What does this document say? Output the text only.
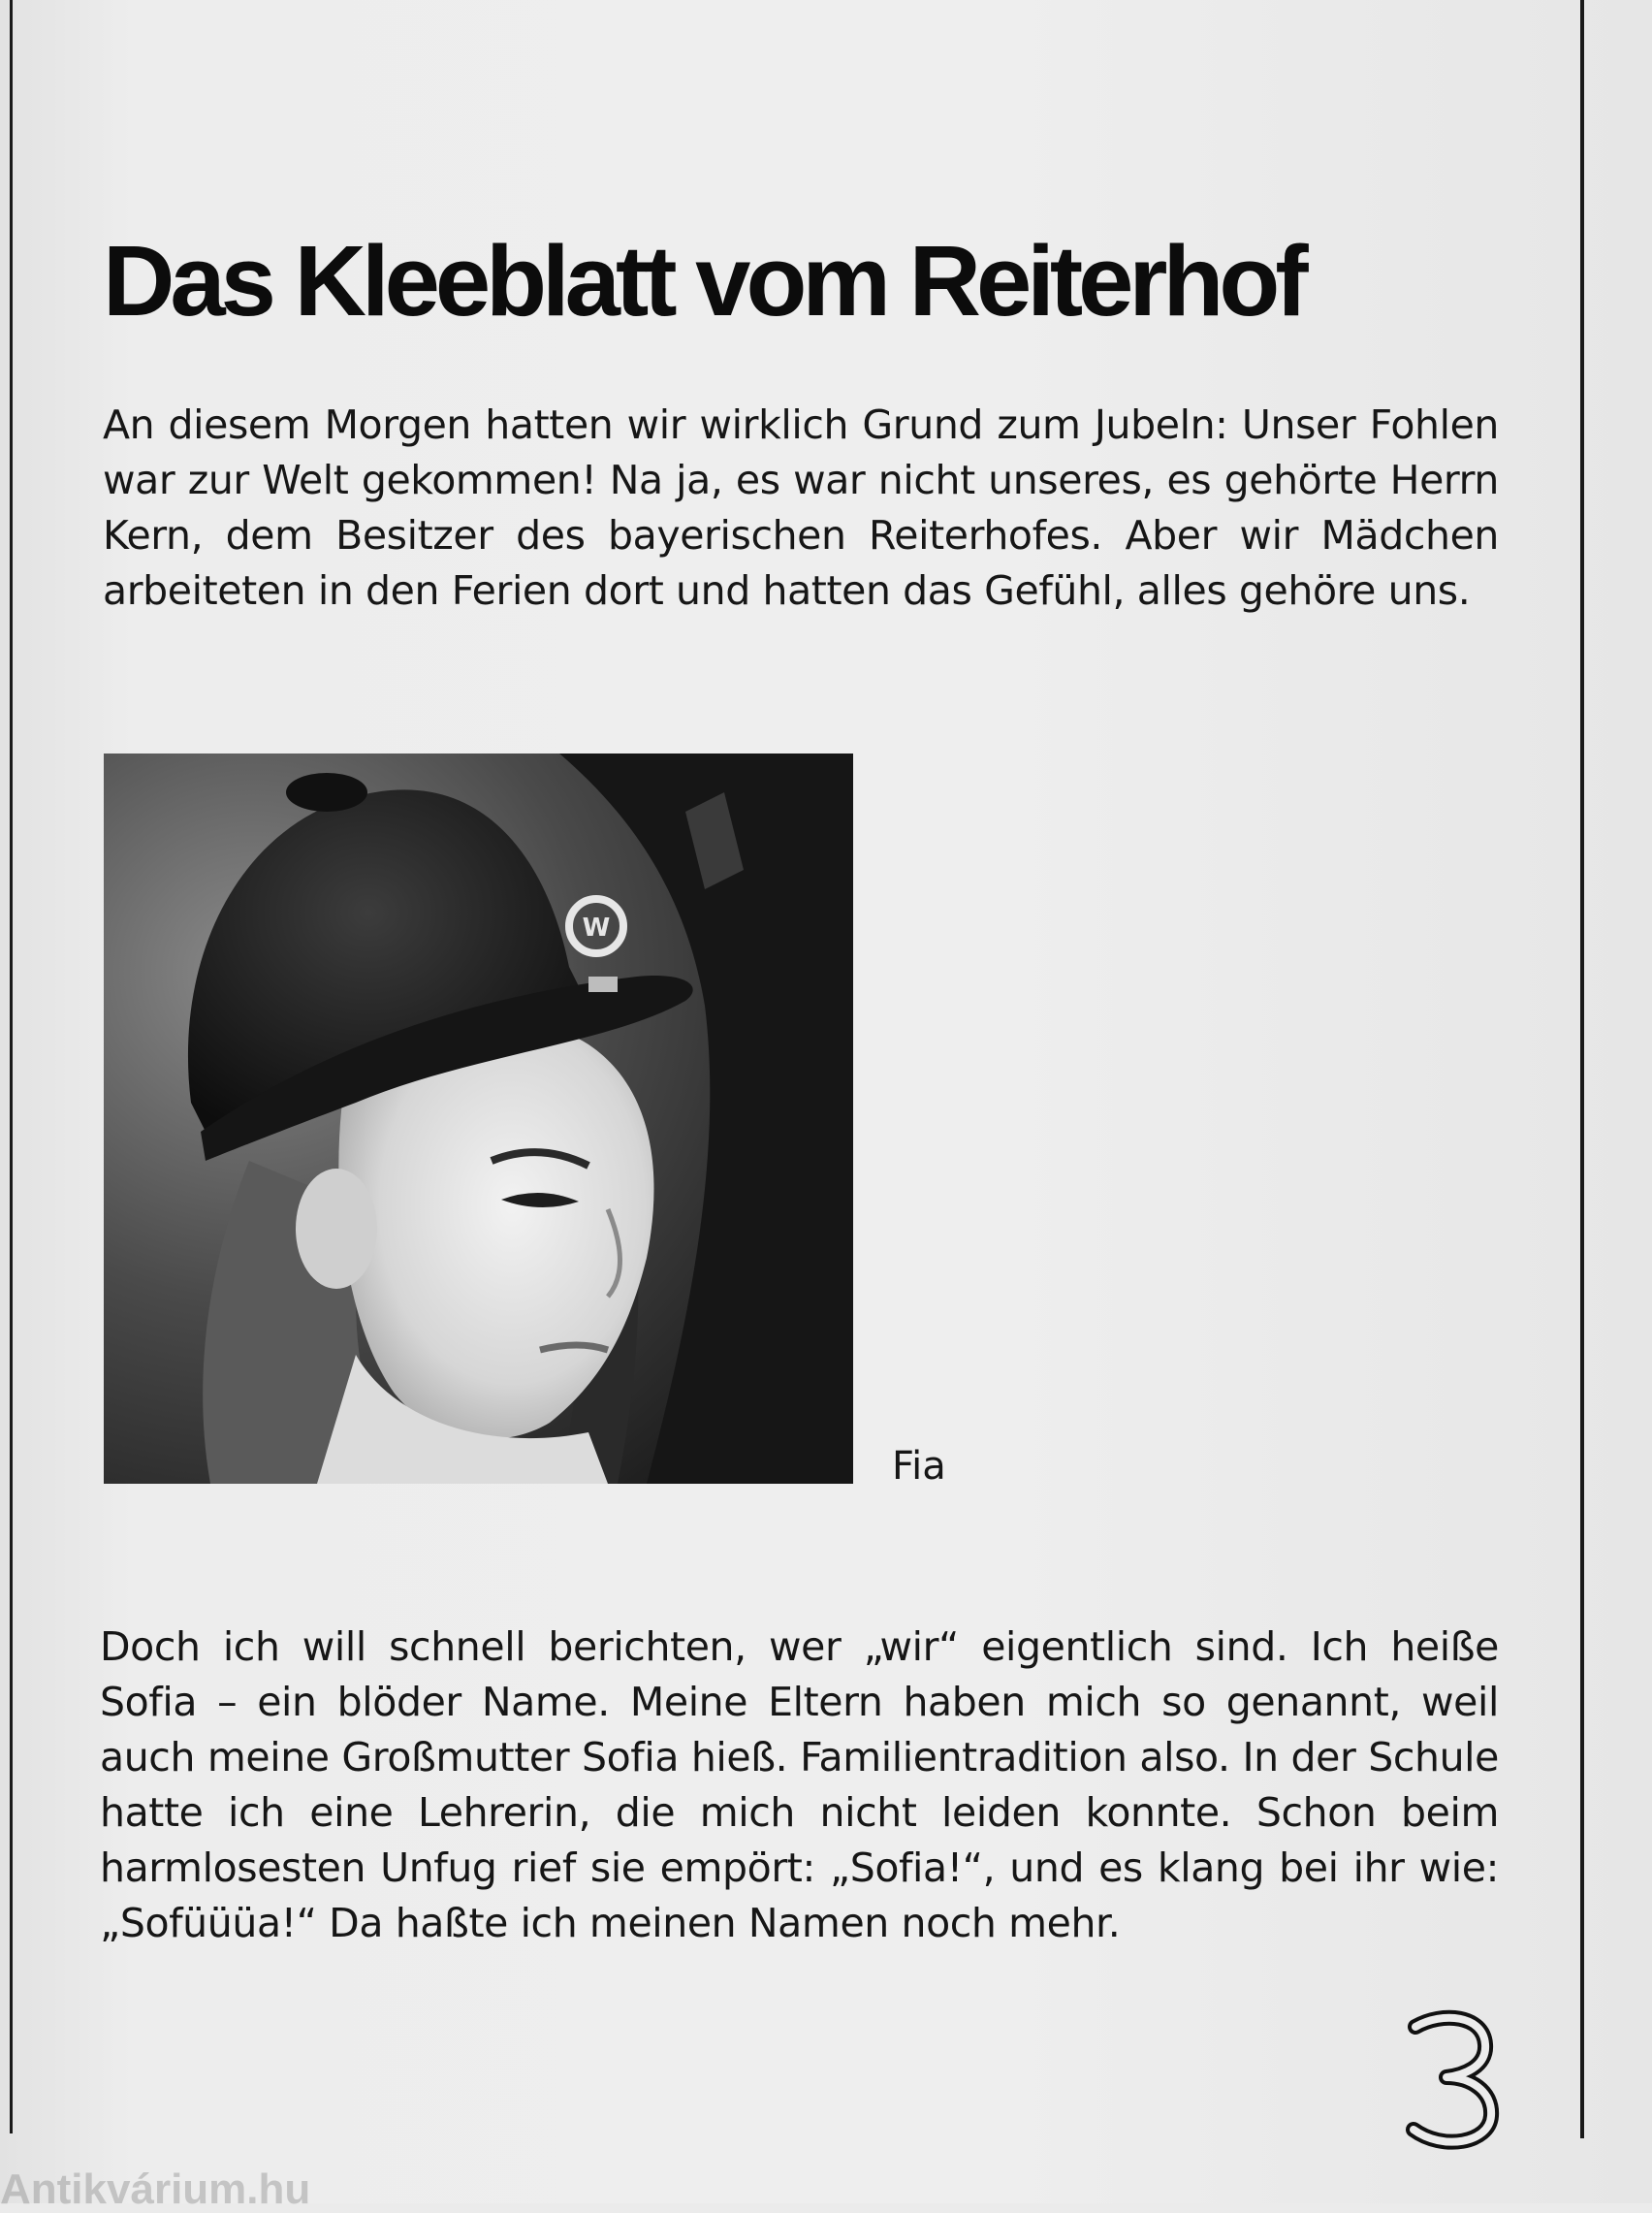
Das Kleeblatt vom Reiterhof

An diesem Morgen hatten wir wirklich Grund zum Jubeln: Unser Fohlen war zur Welt gekommen! Na ja, es war nicht unseres, es gehörte Herrn Kern, dem Besitzer des bayerischen Reiterhofes. Aber wir Mädchen arbeiteten in den Ferien dort und hatten das Gefühl, alles gehöre uns.

W
Fia

Doch ich will schnell berichten, wer „wir“ eigentlich sind. Ich heiße Sofia – ein blöder Name. Meine Eltern haben mich so genannt, weil auch meine Großmutter Sofia hieß. Familientradition also. In der Schule hatte ich eine Lehrerin, die mich nicht leiden konnte. Schon beim harmlosesten Unfug rief sie empört: „Sofia!“, und es klang bei ihr wie: „Sofüüüa!“ Da haßte ich meinen Namen noch mehr.

3
Antikvárium.hu
